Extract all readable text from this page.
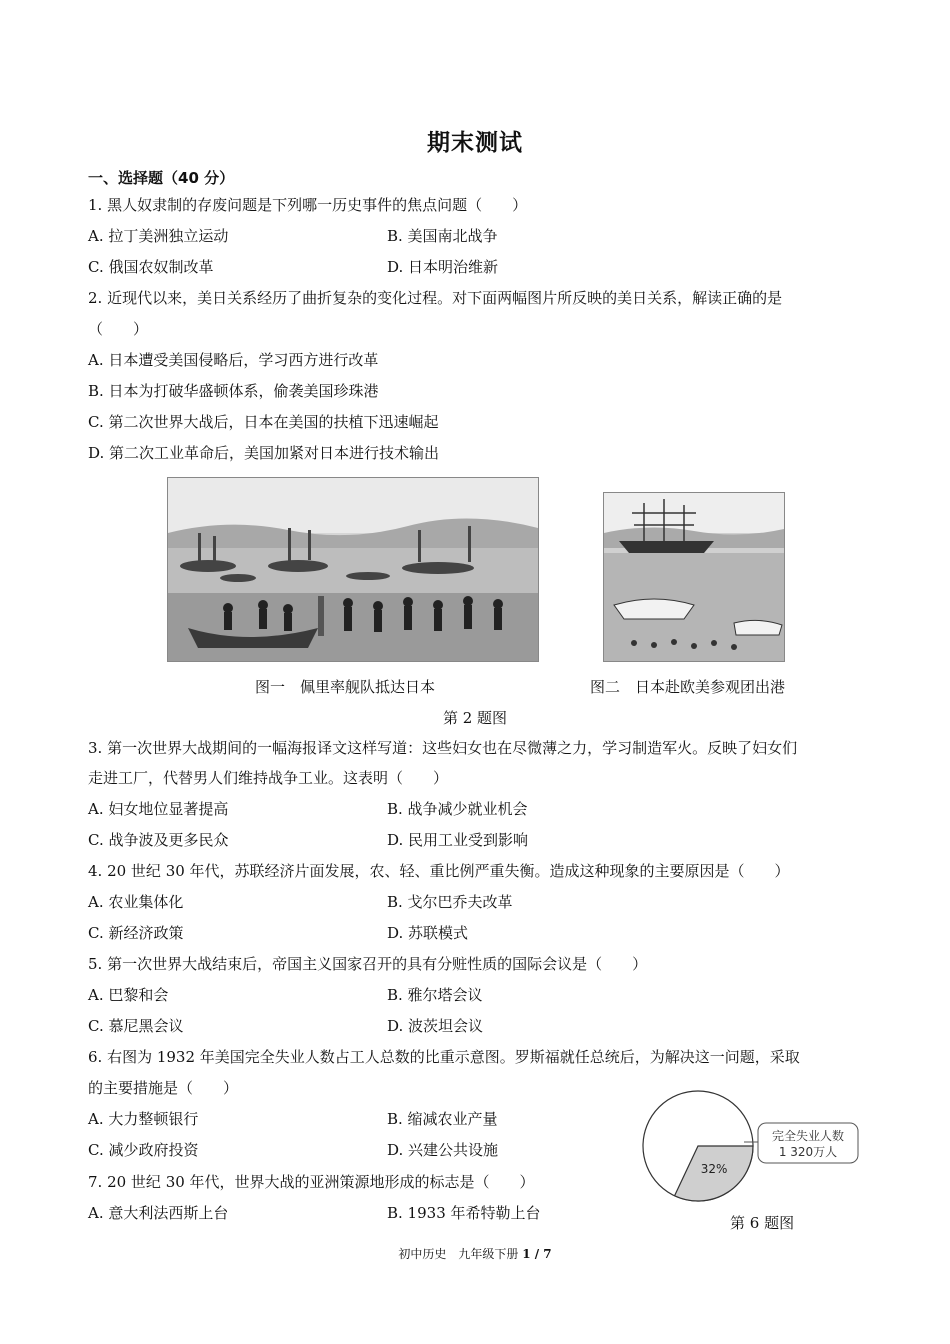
期末测试
一、选择题（40 分）
1. 黑人奴隶制的存废问题是下列哪一历史事件的焦点问题（　　）
A. 拉丁美洲独立运动	B. 美国南北战争
C. 俄国农奴制改革	D. 日本明治维新
2. 近现代以来，美日关系经历了曲折复杂的变化过程。对下面两幅图片所反映的美日关系，解读正确的是
（　　）
A. 日本遭受美国侵略后，学习西方进行改革
B. 日本为打破华盛顿体系，偷袭美国珍珠港
C. 第二次世界大战后，日本在美国的扶植下迅速崛起
D. 第二次工业革命后，美国加紧对日本进行技术输出
图一　佩里率舰队抵达日本	图二　日本赴欧美参观团出港
第 2 题图
3. 第一次世界大战期间的一幅海报译文这样写道：这些妇女也在尽微薄之力，学习制造军火。反映了妇女们
走进工厂，代替男人们维持战争工业。这表明（　　）
A. 妇女地位显著提高	B. 战争减少就业机会
C. 战争波及更多民众	D. 民用工业受到影响
4. 20 世纪 30 年代，苏联经济片面发展，农、轻、重比例严重失衡。造成这种现象的主要原因是（　　）
A. 农业集体化	B. 戈尔巴乔夫改革
C. 新经济政策	D. 苏联模式
5. 第一次世界大战结束后，帝国主义国家召开的具有分赃性质的国际会议是（　　）
A. 巴黎和会	B. 雅尔塔会议
C. 慕尼黑会议	D. 波茨坦会议
6. 右图为 1932 年美国完全失业人数占工人总数的比重示意图。罗斯福就任总统后，为解决这一问题，采取
的主要措施是（　　）
A. 大力整顿银行	B. 缩减农业产量
C. 减少政府投资	D. 兴建公共设施
32%
完全失业人数
1 320万人
第 6 题图
7. 20 世纪 30 年代，世界大战的亚洲策源地形成的标志是（　　）
A. 意大利法西斯上台	B. 1933 年希特勒上台
初中历史　九年级下册 1 / 7
